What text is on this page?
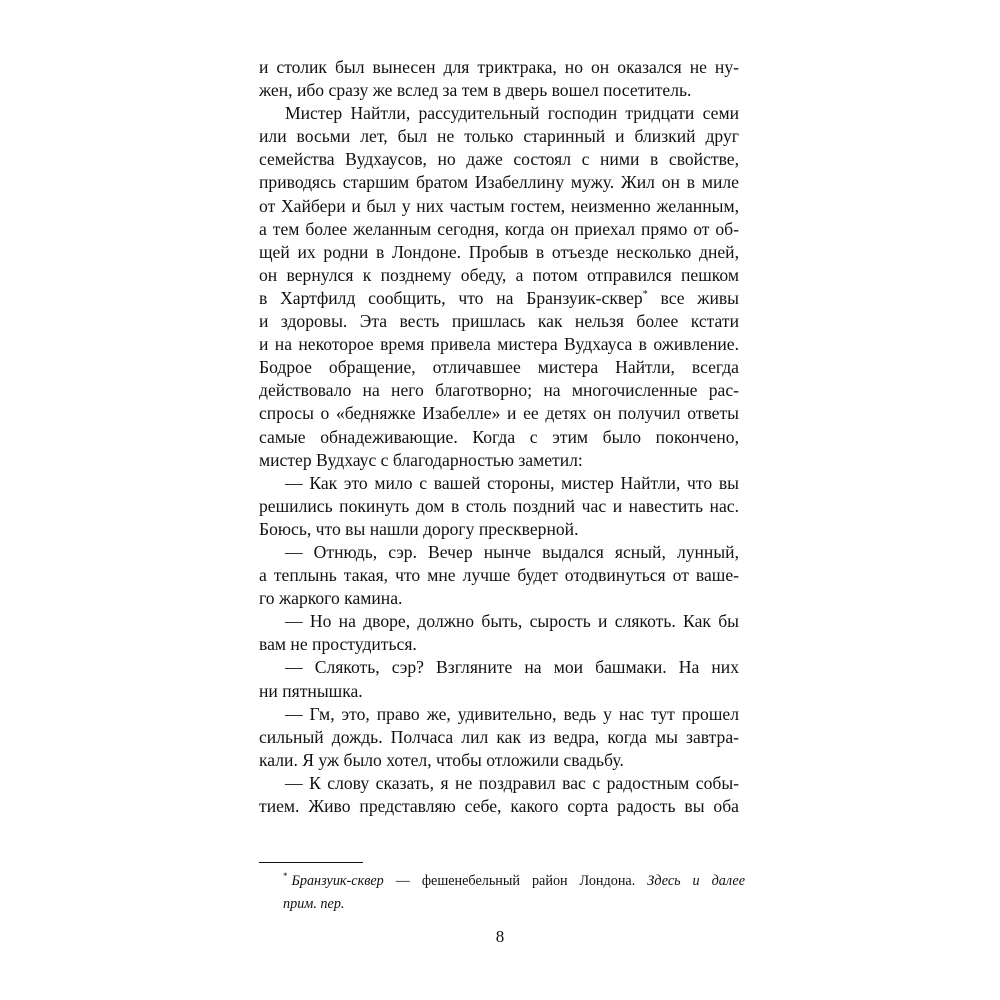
и столик был вынесен для триктрака, но он оказался не ну-
жен, ибо сразу же вслед за тем в дверь вошел посетитель.
Мистер Найтли, рассудительный господин тридцати семи
или восьми лет, был не только старинный и близкий друг
семейства Вудхаусов, но даже состоял с ними в свойстве,
приводясь старшим братом Изабеллину мужу. Жил он в миле
от Хайбери и был у них частым гостем, неизменно желанным,
а тем более желанным сегодня, когда он приехал прямо от об-
щей их родни в Лондоне. Пробыв в отъезде несколько дней,
он вернулся к позднему обеду, а потом отправился пешком
в Хартфилд сообщить, что на Бранзуик-сквер* все живы
и здоровы. Эта весть пришлась как нельзя более кстати
и на некоторое время привела мистера Вудхауса в оживление.
Бодрое обращение, отличавшее мистера Найтли, всегда
действовало на него благотворно; на многочисленные рас-
спросы о «бедняжке Изабелле» и ее детях он получил ответы
самые обнадеживающие. Когда с этим было покончено,
мистер Вудхаус с благодарностью заметил:
— Как это мило с вашей стороны, мистер Найтли, что вы
решились покинуть дом в столь поздний час и навестить нас.
Боюсь, что вы нашли дорогу прескверной.
— Отнюдь, сэр. Вечер нынче выдался ясный, лунный,
а теплынь такая, что мне лучше будет отодвинуться от ваше-
го жаркого камина.
— Но на дворе, должно быть, сырость и слякоть. Как бы
вам не простудиться.
— Слякоть, сэр? Взгляните на мои башмаки. На них
ни пятнышка.
— Гм, это, право же, удивительно, ведь у нас тут прошел
сильный дождь. Полчаса лил как из ведра, когда мы завтра-
кали. Я уж было хотел, чтобы отложили свадьбу.
— К слову сказать, я не поздравил вас с радостным собы-
тием. Живо представляю себе, какого сорта радость вы оба
* Бранзуик-сквер — фешенебельный район Лондона. Здесь и далее
прим. пер.
8
